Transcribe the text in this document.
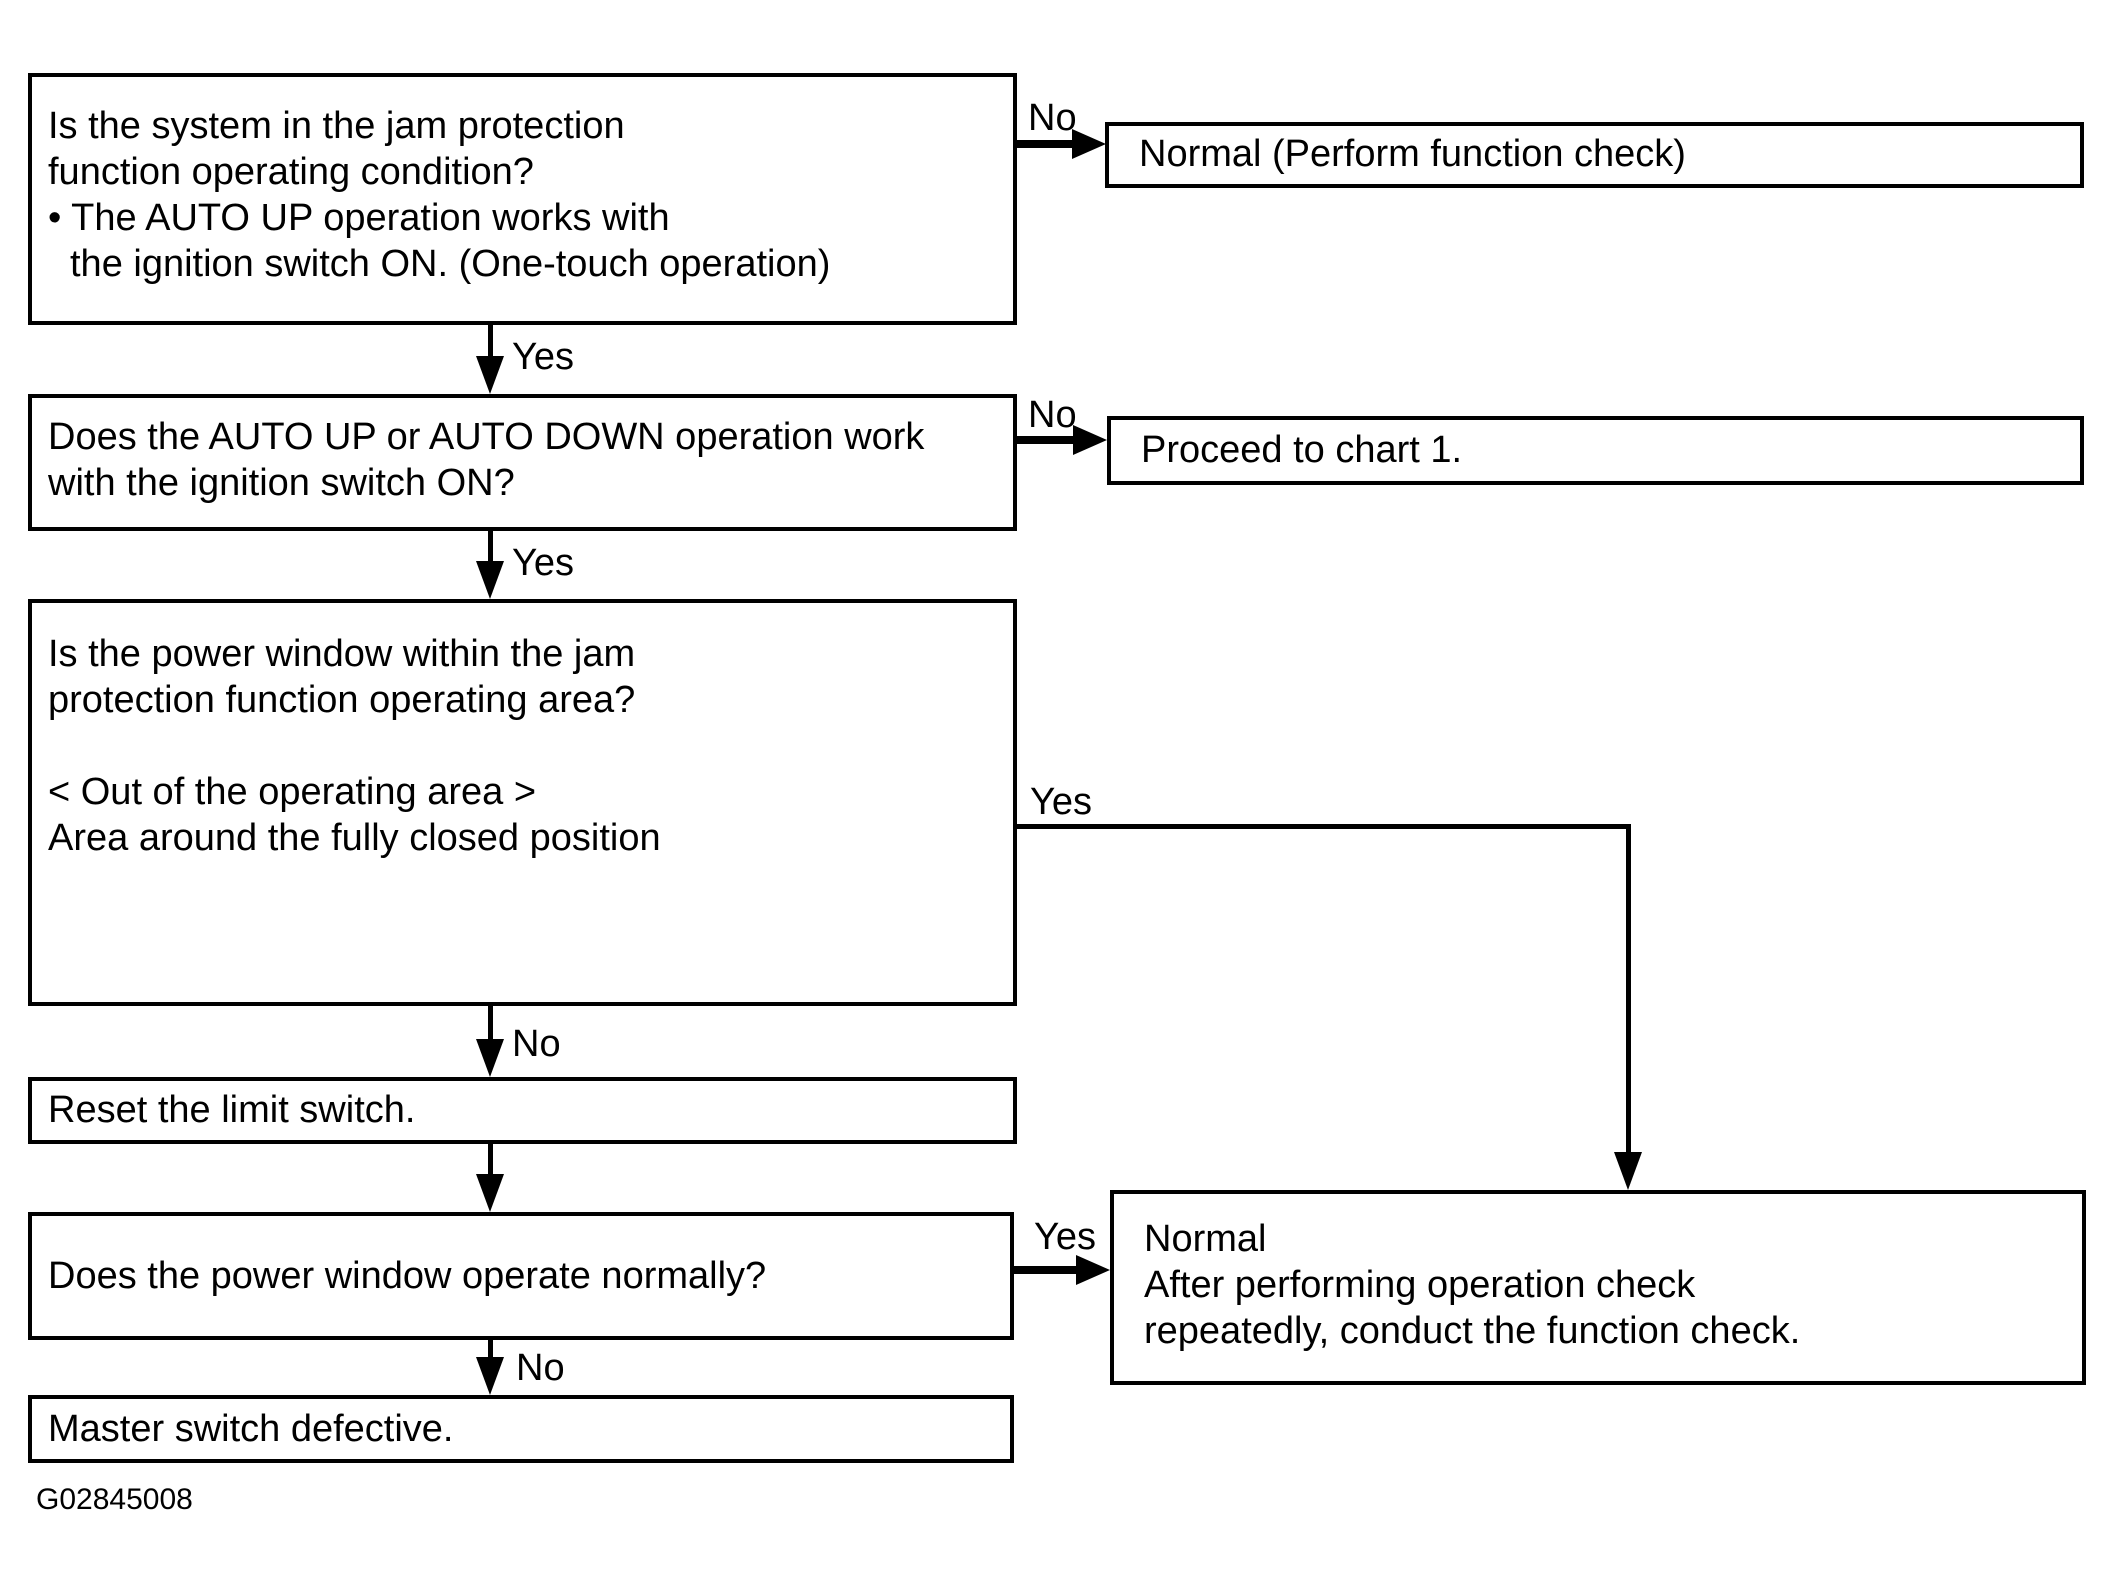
Is the system in the jam protection
function operating condition?
• The AUTO UP operation works with
the ignition switch ON. (One-touch operation)
No
Normal (Perform function check)
Yes
Does the AUTO UP or AUTO DOWN operation work
with the ignition switch ON?
No
Proceed to chart 1.
Yes
Is the power window within the jam
protection function operating area?
< Out of the operating area >
Area around the fully closed position
Yes
No
Reset the limit switch.
Does the power window operate normally?
Yes Normal
After performing operation check
repeatedly, conduct the function check.
No
Master switch defective.
G02845008
